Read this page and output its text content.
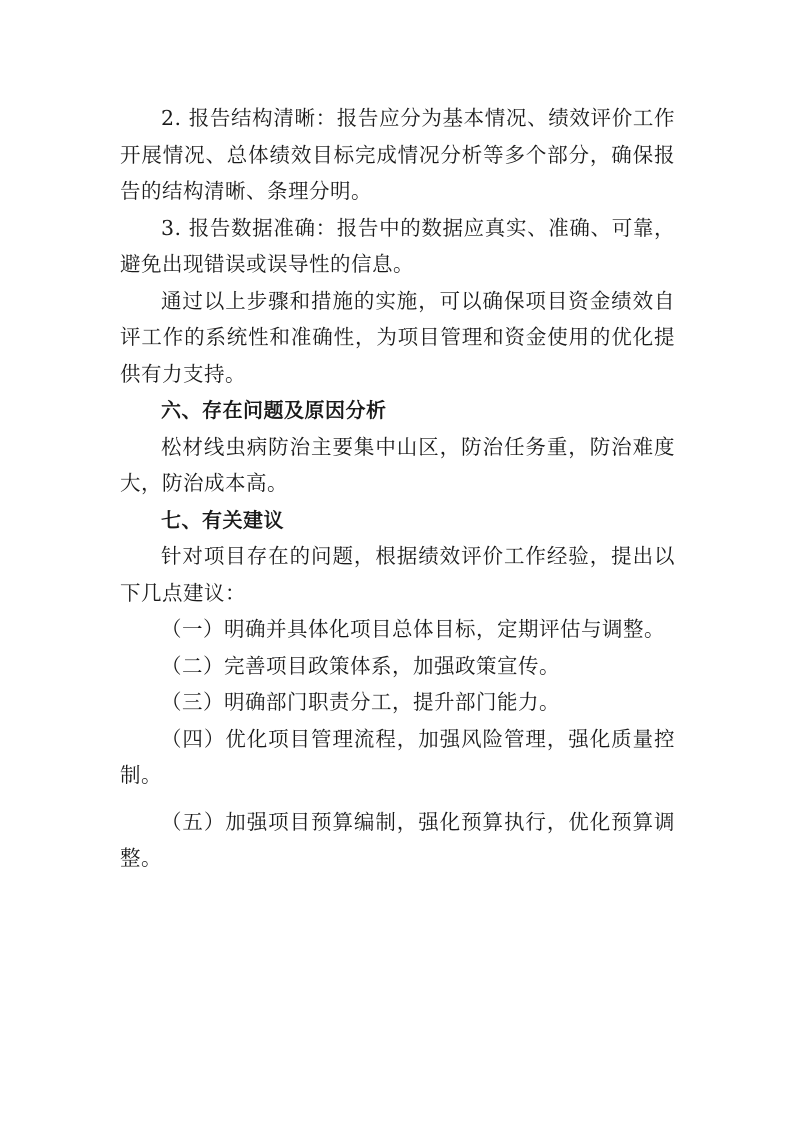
2. 报告结构清晰：报告应分为基本情况、绩效评价工作开展情况、总体绩效目标完成情况分析等多个部分，确保报告的结构清晰、条理分明。

3. 报告数据准确：报告中的数据应真实、准确、可靠，避免出现错误或误导性的信息。

通过以上步骤和措施的实施，可以确保项目资金绩效自评工作的系统性和准确性，为项目管理和资金使用的优化提供有力支持。

六、存在问题及原因分析

松材线虫病防治主要集中山区，防治任务重，防治难度大，防治成本高。

七、有关建议

针对项目存在的问题，根据绩效评价工作经验，提出以下几点建议：

（一）明确并具体化项目总体目标，定期评估与调整。

（二）完善项目政策体系，加强政策宣传。

（三）明确部门职责分工，提升部门能力。

（四）优化项目管理流程，加强风险管理，强化质量控制。

（五）加强项目预算编制，强化预算执行，优化预算调整。
